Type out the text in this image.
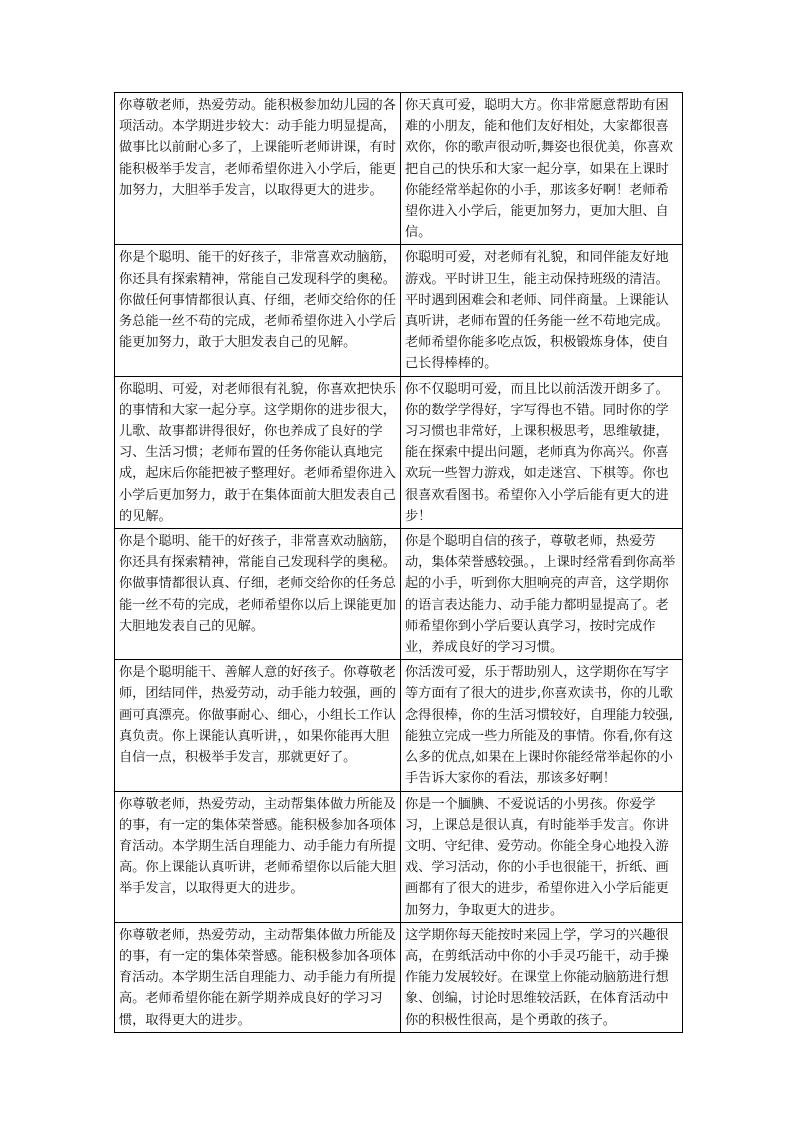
你尊敬老师，热爱劳动。能积极参加幼儿园的各项活动。本学期进步较大：动手能力明显提高，做事比以前耐心多了，上课能听老师讲课，有时能积极举手发言，老师希望你进入小学后，能更加努力，大胆举手发言，以取得更大的进步。	你天真可爱，聪明大方。你非常愿意帮助有困难的小朋友，能和他们友好相处，大家都很喜欢你，你的歌声很动听,舞姿也很优美，你喜欢把自己的快乐和大家一起分享，如果在上课时你能经常举起你的小手，那该多好啊！老师希望你进入小学后，能更加努力，更加大胆、自信。
你是个聪明、能干的好孩子，非常喜欢动脑筋，你还具有探索精神，常能自己发现科学的奥秘。你做任何事情都很认真、仔细，老师交给你的任务总能一丝不苟的完成，老师希望你进入小学后能更加努力，敢于大胆发表自己的见解。	你聪明可爱，对老师有礼貌，和同伴能友好地游戏。平时讲卫生，能主动保持班级的清洁。平时遇到困难会和老师、同伴商量。上课能认真听讲，老师布置的任务能一丝不苟地完成。老师希望你能多吃点饭，积极锻炼身体，使自己长得棒棒的。
你聪明、可爱，对老师很有礼貌，你喜欢把快乐的事情和大家一起分享。这学期你的进步很大，儿歌、故事都讲得很好，你也养成了良好的学习、生活习惯；老师布置的任务你能认真地完成，起床后你能把被子整理好。老师希望你进入小学后更加努力，敢于在集体面前大胆发表自己的见解。	你不仅聪明可爱，而且比以前活泼开朗多了。你的数学学得好，字写得也不错。同时你的学习习惯也非常好，上课积极思考，思维敏捷，能在探索中提出问题，老师真为你高兴。你喜欢玩一些智力游戏，如走迷宫、下棋等。你也很喜欢看图书。希望你入小学后能有更大的进步！
你是个聪明、能干的好孩子，非常喜欢动脑筋，你还具有探索精神，常能自己发现科学的奥秘。你做事情都很认真、仔细，老师交给你的任务总能一丝不苟的完成，老师希望你以后上课能更加大胆地发表自己的见解。	你是个聪明自信的孩子，尊敬老师，热爱劳动，集体荣誉感较强。，上课时经常看到你高举起的小手，听到你大胆响亮的声音，这学期你的语言表达能力、动手能力都明显提高了。老师希望你到小学后要认真学习，按时完成作业，养成良好的学习习惯。
你是个聪明能干、善解人意的好孩子。你尊敬老师，团结同伴，热爱劳动，动手能力较强，画的画可真漂亮。你做事耐心、细心，小组长工作认真负责。你上课能认真听讲，，如果你能再大胆自信一点，积极举手发言，那就更好了。	你活泼可爱，乐于帮助别人，这学期你在写字等方面有了很大的进步,你喜欢读书，你的儿歌念得很棒，你的生活习惯较好，自理能力较强,能独立完成一些力所能及的事情。你看,你有这么多的优点,如果在上课时你能经常举起你的小手告诉大家你的看法，那该多好啊！
你尊敬老师，热爱劳动，主动帮集体做力所能及的事，有一定的集体荣誉感。能积极参加各项体育活动。本学期生活自理能力、动手能力有所提高。你上课能认真听讲，老师希望你以后能大胆举手发言，以取得更大的进步。	你是一个腼腆、不爱说话的小男孩。你爱学习，上课总是很认真，有时能举手发言。你讲文明、守纪律、爱劳动。你能全身心地投入游戏、学习活动，你的小手也很能干，折纸、画画都有了很大的进步，希望你进入小学后能更加努力，争取更大的进步。
你尊敬老师，热爱劳动，主动帮集体做力所能及的事，有一定的集体荣誉感。能积极参加各项体育活动。本学期生活自理能力、动手能力有所提高。老师希望你能在新学期养成良好的学习习惯，取得更大的进步。	这学期你每天能按时来园上学，学习的兴趣很高，在剪纸活动中你的小手灵巧能干，动手操作能力发展较好。在课堂上你能动脑筋进行想象、创编，讨论时思维较活跃，在体育活动中你的积极性很高，是个勇敢的孩子。
